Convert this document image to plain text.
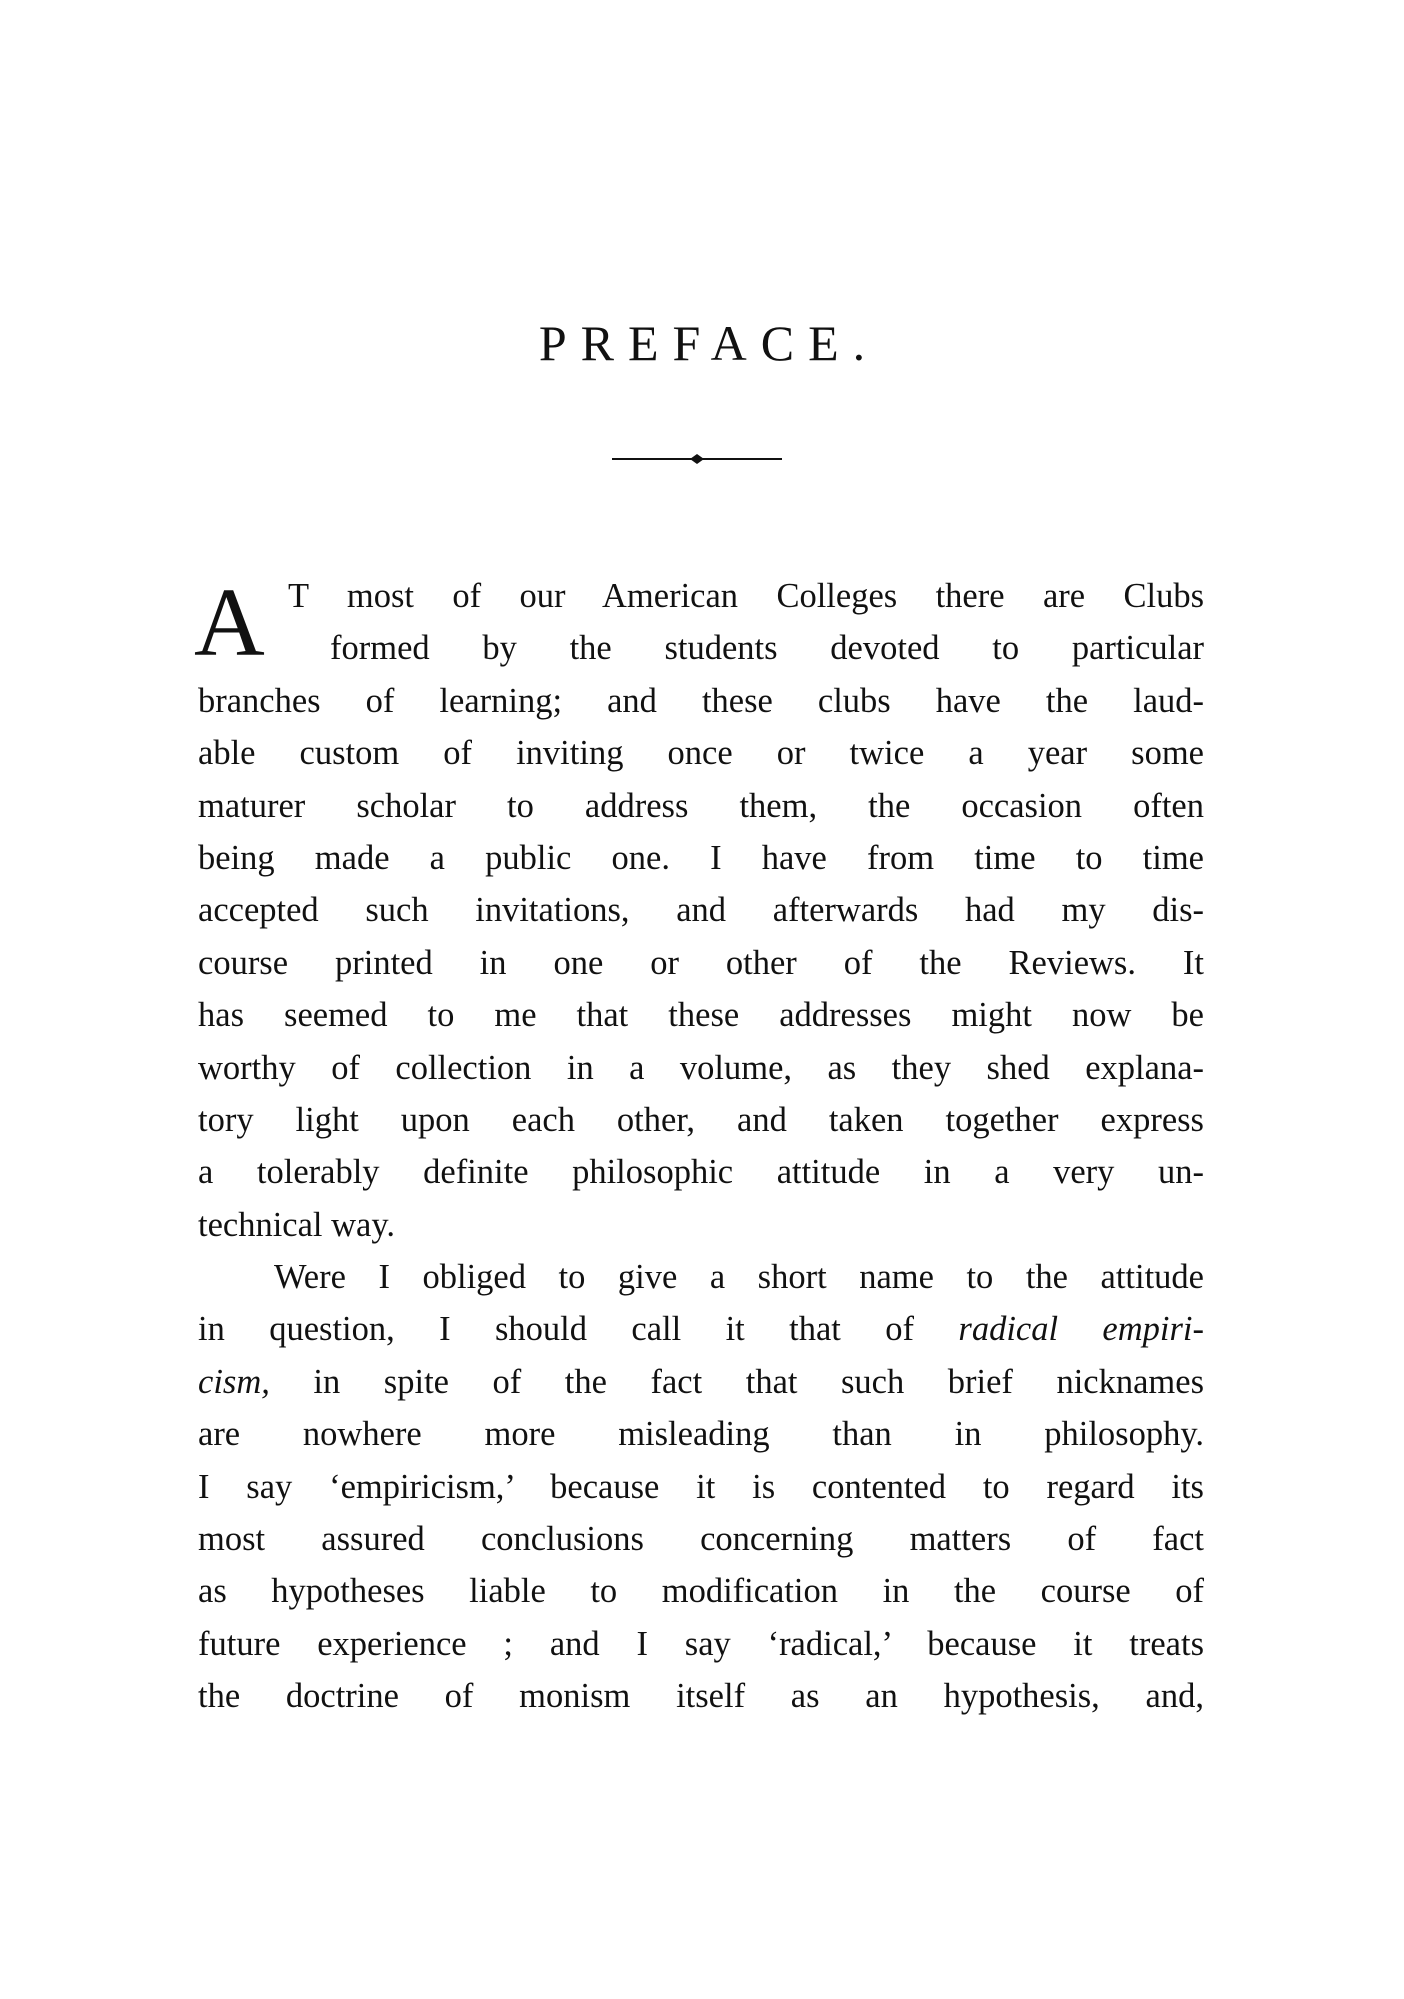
PREFACE.
A T most of our American Colleges there are Clubs
formed by the students devoted to particular
branches of learning; and these clubs have the laud-
able custom of inviting once or twice a year some
maturer scholar to address them, the occasion often
being made a public one. I have from time to time
accepted such invitations, and afterwards had my dis-
course printed in one or other of the Reviews. It
has seemed to me that these addresses might now be
worthy of collection in a volume, as they shed explana-
tory light upon each other, and taken together express
a tolerably definite philosophic attitude in a very un-
technical way.
Were I obliged to give a short name to the attitude
in question, I should call it that of radical empiri-
cism, in spite of the fact that such brief nicknames
are nowhere more misleading than in philosophy.
I say ‘empiricism,’ because it is contented to regard its
most assured conclusions concerning matters of fact
as hypotheses liable to modification in the course of
future experience ; and I say ‘radical,’ because it treats
the doctrine of monism itself as an hypothesis, and,
